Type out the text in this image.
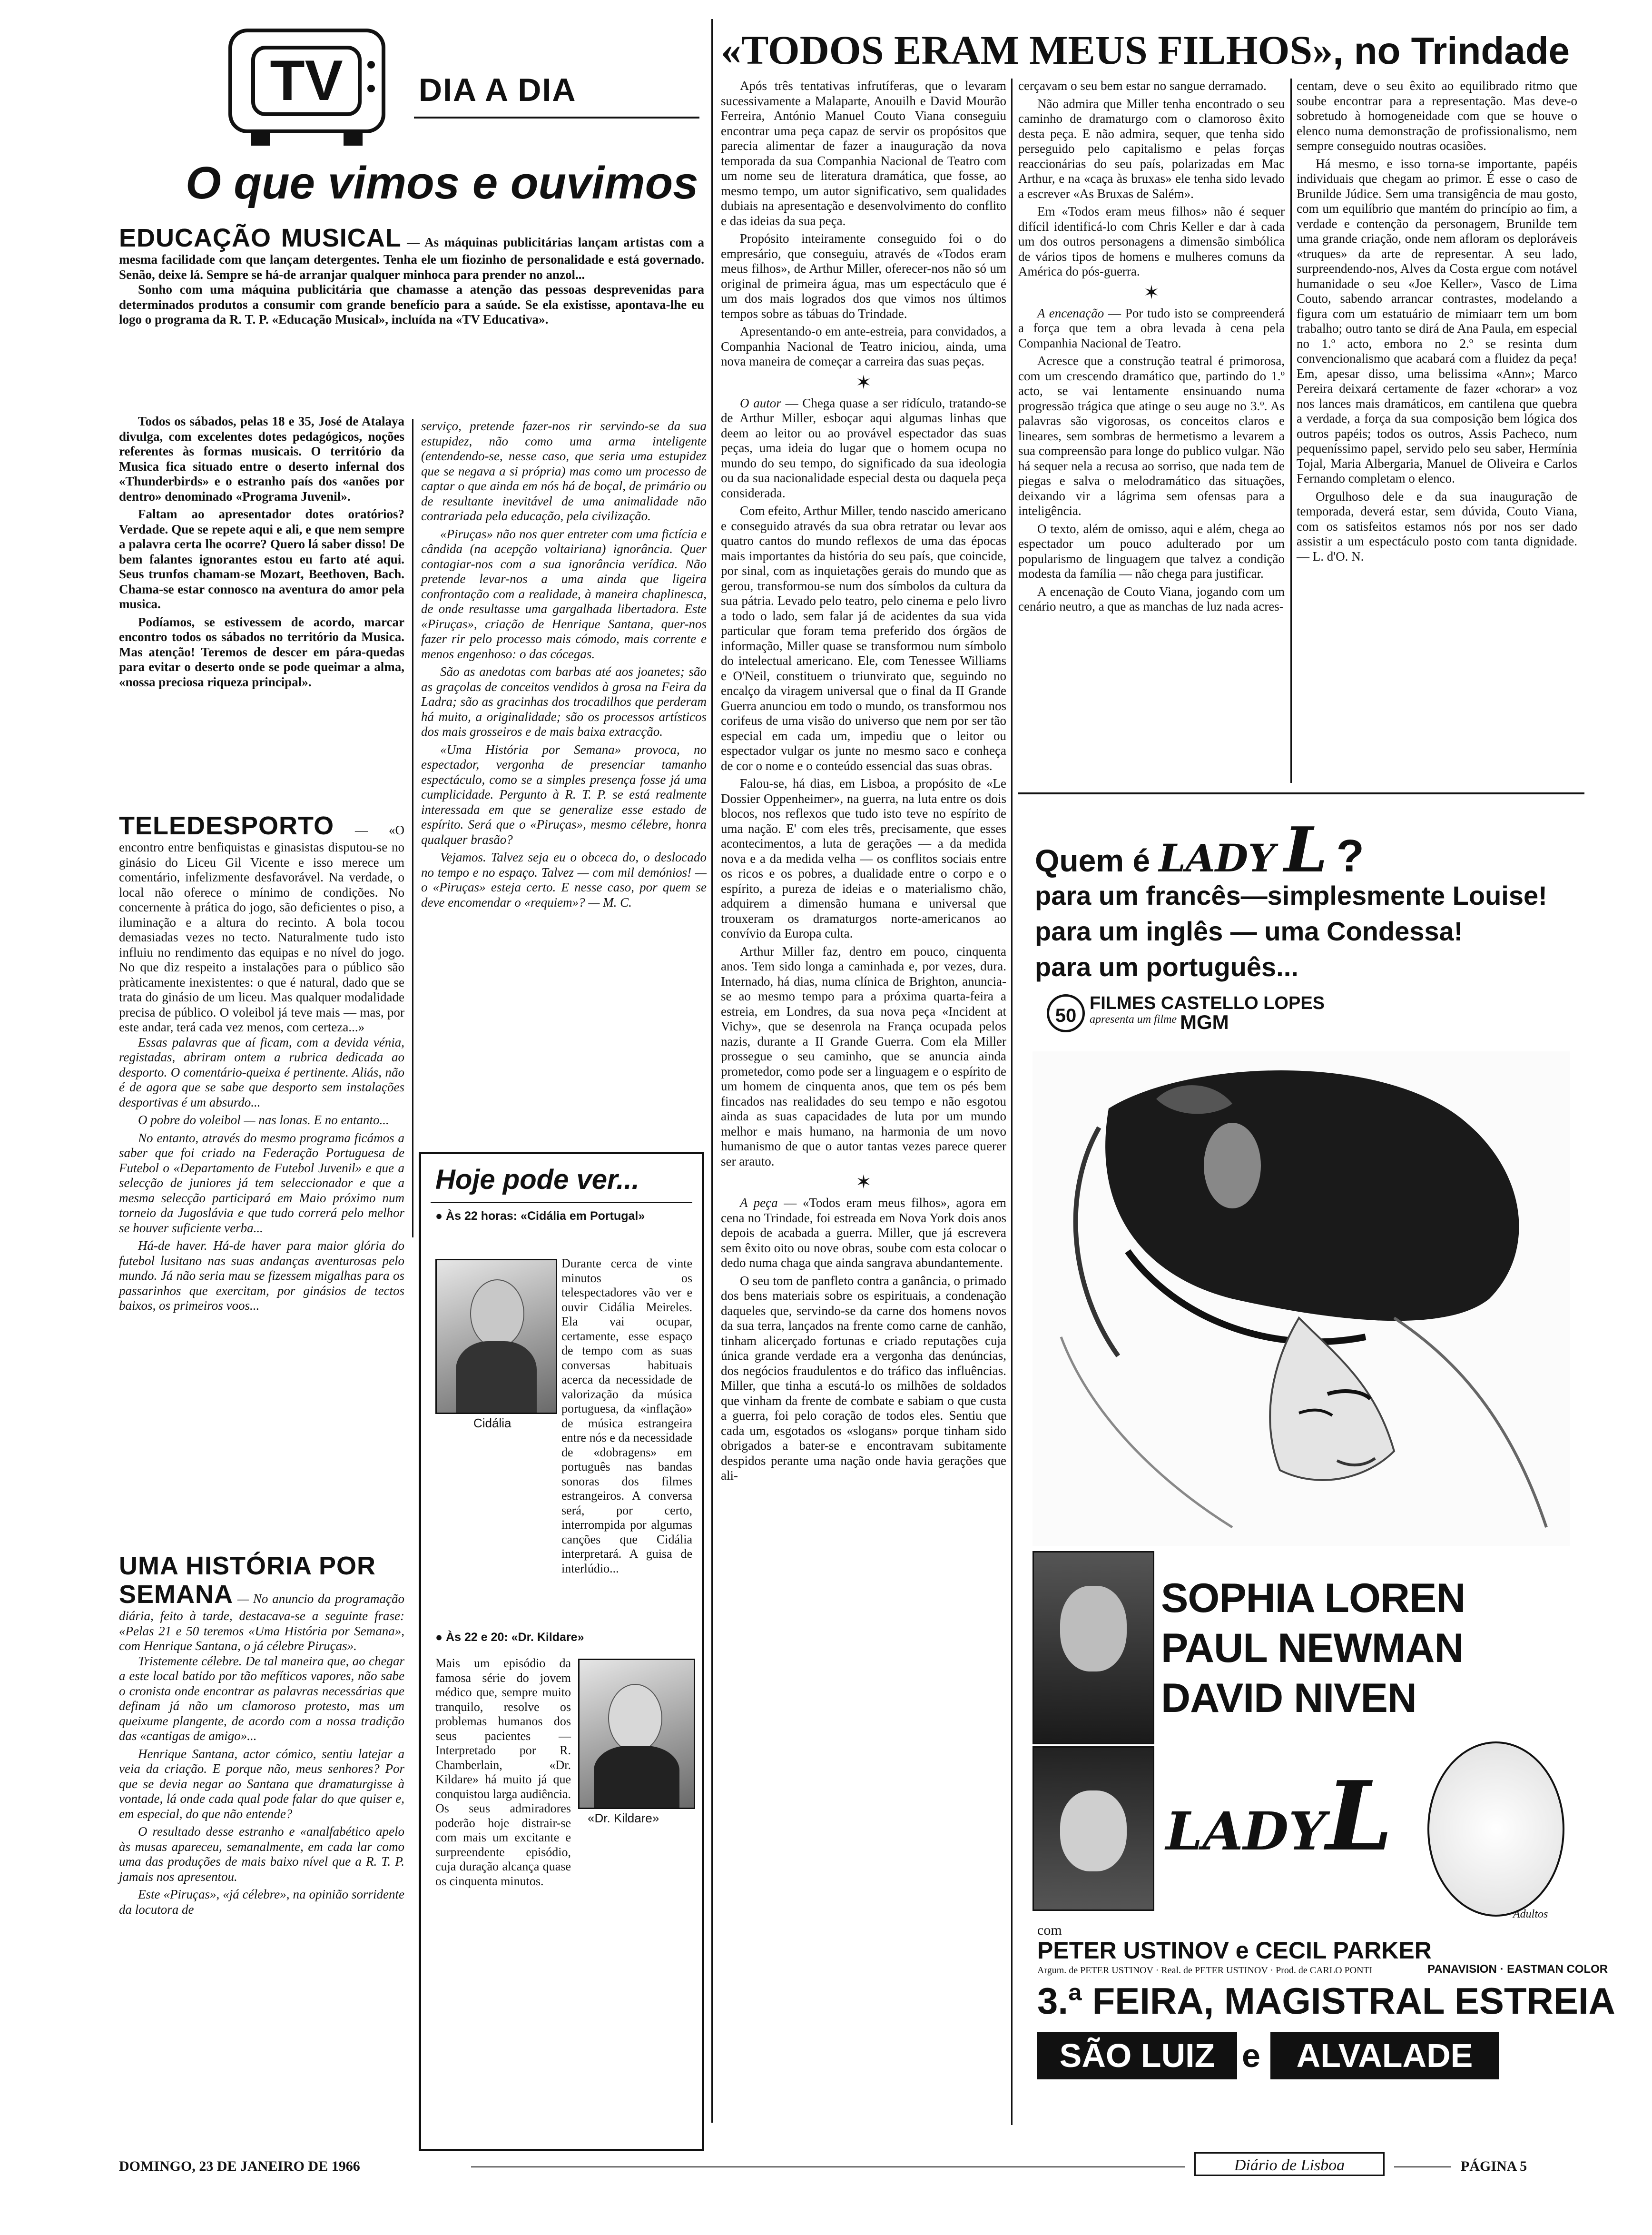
TV	DIA A DIA
O que vimos e ouvimos
EDUCAÇÃO MUSICAL — As máquinas publicitárias lançam artistas com a mesma facilidade com que lançam detergentes. Tenha ele um fiozinho de personalidade e está governado. Senão, deixe lá. Sempre se há-de arranjar qualquer minhoca para prender no anzol...

Sonho com uma máquina publicitária que chamasse a atenção das pessoas desprevenidas para determinados produtos a consumir com grande benefício para a saúde. Se ela existisse, apontava-lhe eu logo o programa da R. T. P. «Educação Musical», incluída na «TV Educativa».

Todos os sábados, pelas 18 e 35, José de Atalaya divulga, com excelentes dotes pedagógicos, noções referentes às formas musicais. O território da Musica fica situado entre o deserto infernal dos «Thunderbirds» e o estranho país dos «anões por dentro» denominado «Programa Juvenil».

Faltam ao apresentador dotes oratórios? Verdade. Que se repete aqui e ali, e que nem sempre a palavra certa lhe ocorre? Quero lá saber disso! De bem falantes ignorantes estou eu farto até aqui. Seus trunfos chamam-se Mozart, Beethoven, Bach. Chama-se estar connosco na aventura do amor pela musica.

Podíamos, se estivessem de acordo, marcar encontro todos os sábados no território da Musica. Mas atenção! Teremos de descer em pára-quedas para evitar o deserto onde se pode queimar a alma, «nossa preciosa riqueza principal».

serviço, pretende fazer-nos rir servindo-se da sua estupidez, não como uma arma inteligente (entendendo-se, nesse caso, que seria uma estupidez que se negava a si própria) mas como um processo de captar o que ainda em nós há de boçal, de primário ou de resultante inevitável de uma animalidade não contrariada pela educação, pela civilização.

«Piruças» não nos quer entreter com uma fictícia e cândida (na acepção voltairiana) ignorância. Quer contagiar-nos com a sua ignorância verídica. Não pretende levar-nos a uma ainda que ligeira confrontação com a realidade, à maneira chaplinesca, de onde resultasse uma gargalhada libertadora. Este «Piruças», criação de Henrique Santana, quer-nos fazer rir pelo processo mais cómodo, mais corrente e menos engenhoso: o das cócegas.

São as anedotas com barbas até aos joanetes; são as graçolas de conceitos vendidos à grosa na Feira da Ladra; são as gracinhas dos trocadilhos que perderam há muito, a originalidade; são os processos artísticos dos mais grosseiros e de mais baixa extracção.

«Uma História por Semana» provoca, no espectador, vergonha de presenciar tamanho espectáculo, como se a simples presença fosse já uma cumplicidade. Pergunto à R. T. P. se está realmente interessada em que se generalize esse estado de espírito. Será que o «Piruças», mesmo célebre, honra qualquer brasão?

Vejamos. Talvez seja eu o obceca do, o deslocado no tempo e no espaço. Talvez — com mil demónios! — o «Piruças» esteja certo. E nesse caso, por quem se deve encomendar o «requiem»? — M. C.

TELEDESPORTO — «O encontro entre benfiquistas e ginasistas disputou-se no ginásio do Liceu Gil Vicente e isso merece um comentário, infelizmente desfavorável. Na verdade, o local não oferece o mínimo de condições. No concernente à prática do jogo, são deficientes o piso, a iluminação e a altura do recinto. A bola tocou demasiadas vezes no tecto. Naturalmente tudo isto influiu no rendimento das equipas e no nível do jogo. No que diz respeito a instalações para o público são pràticamente inexistentes: o que é natural, dado que se trata do ginásio de um liceu. Mas qualquer modalidade precisa de público. O voleibol já teve mais — mas, por este andar, terá cada vez menos, com certeza...»

Essas palavras que aí ficam, com a devida vénia, registadas, abriram ontem a rubrica dedicada ao desporto. O comentário-queixa é pertinente. Aliás, não é de agora que se sabe que desporto sem instalações desportivas é um absurdo...

O pobre do voleibol — nas lonas. E no entanto...

No entanto, através do mesmo programa ficámos a saber que foi criado na Federação Portuguesa de Futebol o «Departamento de Futebol Juvenil» e que a selecção de juniores já tem seleccionador e que a mesma selecção participará em Maio próximo num torneio da Jugoslávia e que tudo correrá pelo melhor se houver suficiente verba...

Há-de haver. Há-de haver para maior glória do futebol lusitano nas suas andanças aventurosas pelo mundo. Já não seria mau se fizessem migalhas para os passarinhos que exercitam, por ginásios de tectos baixos, os primeiros voos...

UMA HISTÓRIA POR
SEMANA — No anuncio da programação diária, feito à tarde, destacava-se a seguinte frase: «Pelas 21 e 50 teremos «Uma História por Semana», com Henrique Santana, o já célebre Piruças».

Tristemente célebre. De tal maneira que, ao chegar a este local batido por tão mefíticos vapores, não sabe o cronista onde encontrar as palavras necessárias que definam já não um clamoroso protesto, mas um queixume plangente, de acordo com a nossa tradição das «cantigas de amigo»...

Henrique Santana, actor cómico, sentiu latejar a veia da criação. E porque não, meus senhores? Por que se devia negar ao Santana que dramaturgisse à vontade, lá onde cada qual pode falar do que quiser e, em especial, do que não entende?

O resultado desse estranho e «analfabético apelo às musas apareceu, semanalmente, em cada lar como uma das produções de mais baixo nível que a R. T. P. jamais nos apresentou.

Este «Piruças», «já célebre», na opinião sorridente da locutora de

Hoje pode ver...
● Às 22 horas: «Cidália em Portugal»
Cidália
Durante cerca de vinte minutos os telespectadores vão ver e ouvir Cidália Meireles. Ela vai ocupar, certamente, esse espaço de tempo com as suas conversas habituais acerca da necessidade de valorização da música portuguesa, da «inflação» de música estrangeira entre nós e da necessidade de «dobragens» em português nas bandas sonoras dos filmes estrangeiros. A conversa será, por certo, interrompida por algumas canções que Cidália interpretará. A guisa de interlúdio...
● Às 22 e 20: «Dr. Kildare»
«Dr. Kildare»
Mais um episódio da famosa série do jovem médico que, sempre muito tranquilo, resolve os problemas humanos dos seus pacientes — Interpretado por R. Chamberlain, «Dr. Kildare» há muito já que conquistou larga audiência. Os seus admiradores poderão hoje distrair-se com mais um excitante e surpreendente episódio, cuja duração alcança quase os cinquenta minutos.
«TODOS ERAM MEUS FILHOS», no Trindade

Após três tentativas infrutíferas, que o levaram sucessivamente a Malaparte, Anouilh e David Mourão Ferreira, António Manuel Couto Viana conseguiu encontrar uma peça capaz de servir os propósitos que parecia alimentar de fazer a inauguração da nova temporada da sua Companhia Nacional de Teatro com um nome seu de literatura dramática, que fosse, ao mesmo tempo, um autor significativo, sem qualidades dubiais na apresentação e desenvolvimento do conflito e das ideias da sua peça.

Propósito inteiramente conseguido foi o do empresário, que conseguiu, através de «Todos eram meus filhos», de Arthur Miller, oferecer-nos não só um original de primeira água, mas um espectáculo que é um dos mais logrados dos que vimos nos últimos tempos sobre as tábuas do Trindade.

Apresentando-o em ante-estreia, para convidados, a Companhia Nacional de Teatro iniciou, ainda, uma nova maneira de começar a carreira das suas peças.

✶

O autor — Chega quase a ser ridículo, tratando-se de Arthur Miller, esboçar aqui algumas linhas que deem ao leitor ou ao provável espectador das suas peças, uma ideia do lugar que o homem ocupa no mundo do seu tempo, do significado da sua ideologia ou da sua nacionalidade especial desta ou daquela peça considerada.

Com efeito, Arthur Miller, tendo nascido americano e conseguido através da sua obra retratar ou levar aos quatro cantos do mundo reflexos de uma das épocas mais importantes da história do seu país, que coincide, por sinal, com as inquietações gerais do mundo que as gerou, transformou-se num dos símbolos da cultura da sua pátria. Levado pelo teatro, pelo cinema e pelo livro a todo o lado, sem falar já de acidentes da sua vida particular que foram tema preferido dos órgãos de informação, Miller quase se transformou num símbolo do intelectual americano. Ele, com Tenessee Williams e O'Neil, constituem o triunvirato que, seguindo no encalço da viragem universal que o final da II Grande Guerra anunciou em todo o mundo, os transformou nos corifeus de uma visão do universo que nem por ser tão especial em cada um, impediu que o leitor ou espectador vulgar os junte no mesmo saco e conheça de cor o nome e o conteúdo essencial das suas obras.

Falou-se, há dias, em Lisboa, a propósito de «Le Dossier Oppenheimer», na guerra, na luta entre os dois blocos, nos reflexos que tudo isto teve no espírito de uma nação. E' com eles três, precisamente, que esses acontecimentos, a luta de gerações — a da medida nova e a da medida velha — os conflitos sociais entre os ricos e os pobres, a dualidade entre o corpo e o espírito, a pureza de ideias e o materialismo chão, adquirem a dimensão humana e universal que trouxeram os dramaturgos norte-americanos ao convívio da Europa culta.

Arthur Miller faz, dentro em pouco, cinquenta anos. Tem sido longa a caminhada e, por vezes, dura. Internado, há dias, numa clínica de Brighton, anuncia-se ao mesmo tempo para a próxima quarta-feira a estreia, em Londres, da sua nova peça «Incident at Vichy», que se desenrola na França ocupada pelos nazis, durante a II Grande Guerra. Com ela Miller prossegue o seu caminho, que se anuncia ainda prometedor, como pode ser a linguagem e o espírito de um homem de cinquenta anos, que tem os pés bem fincados nas realidades do seu tempo e não esgotou ainda as suas capacidades de luta por um mundo melhor e mais humano, na harmonia de um novo humanismo de que o autor tantas vezes parece querer ser arauto.

✶

A peça — «Todos eram meus filhos», agora em cena no Trindade, foi estreada em Nova York dois anos depois de acabada a guerra. Miller, que já escrevera sem êxito oito ou nove obras, soube com esta colocar o dedo numa chaga que ainda sangrava abundantemente.

O seu tom de panfleto contra a ganância, o primado dos bens materiais sobre os espirituais, a condenação daqueles que, servindo-se da carne dos homens novos da sua terra, lançados na frente como carne de canhão, tinham alicerçado fortunas e criado reputações cuja única grande verdade era a vergonha das denúncias, dos negócios fraudulentos e do tráfico das influências. Miller, que tinha a escutá-lo os milhões de soldados que vinham da frente de combate e sabiam o que custa a guerra, foi pelo coração de todos eles. Sentiu que cada um, esgotados os «slogans» porque tinham sido obrigados a bater-se e encontravam subitamente despidos perante uma nação onde havia gerações que ali-

cerçavam o seu bem estar no sangue derramado.

Não admira que Miller tenha encontrado o seu caminho de dramaturgo com o clamoroso êxito desta peça. E não admira, sequer, que tenha sido perseguido pelo capitalismo e pelas forças reaccionárias do seu país, polarizadas em Mac Arthur, e na «caça às bruxas» ele tenha sido levado a escrever «As Bruxas de Salém».

Em «Todos eram meus filhos» não é sequer difícil identificá-lo com Chris Keller e dar à cada um dos outros personagens a dimensão simbólica de vários tipos de homens e mulheres comuns da América do pós-guerra.

✶

A encenação — Por tudo isto se compreenderá a força que tem a obra levada à cena pela Companhia Nacional de Teatro.

Acresce que a construção teatral é primorosa, com um crescendo dramático que, partindo do 1.º acto, se vai lentamente ensinuando numa progressão trágica que atinge o seu auge no 3.º. As palavras são vigorosas, os conceitos claros e lineares, sem sombras de hermetismo a levarem a sua compreensão para longe do publico vulgar. Não há sequer nela a recusa ao sorriso, que nada tem de piegas e salva o melodramático das situações, deixando vir a lágrima sem ofensas para a inteligência.

O texto, além de omisso, aqui e além, chega ao espectador um pouco adulterado por um popularismo de linguagem que talvez a condição modesta da família — não chega para justificar.

A encenação de Couto Viana, jogando com um cenário neutro, a que as manchas de luz nada acres-

centam, deve o seu êxito ao equilibrado ritmo que soube encontrar para a representação. Mas deve-o sobretudo à homogeneidade com que se houve o elenco numa demonstração de profissionalismo, nem sempre conseguido noutras ocasiões.

Há mesmo, e isso torna-se importante, papéis individuais que chegam ao primor. É esse o caso de Brunilde Júdice. Sem uma transigência de mau gosto, com um equilíbrio que mantém do princípio ao fim, a verdade e contenção da personagem, Brunilde tem uma grande criação, onde nem afloram os deploráveis «truques» da arte de representar. A seu lado, surpreendendo-nos, Alves da Costa ergue com notável humanidade o seu «Joe Keller», Vasco de Lima Couto, sabendo arrancar contrastes, modelando a figura com um estatuário de mimiaarr tem um bom trabalho; outro tanto se dirá de Ana Paula, em especial no 1.º acto, embora no 2.º se resinta dum convencionalismo que acabará com a fluidez da peça! Em, apesar disso, uma belissima «Ann»; Marco Pereira deixará certamente de fazer «chorar» a voz nos lances mais dramáticos, em cantilena que quebra a verdade, a força da sua composição bem lógica dos outros papéis; todos os outros, Assis Pacheco, num pequeníssimo papel, servido pelo seu saber, Hermínia Tojal, Maria Albergaria, Manuel de Oliveira e Carlos Fernando completam o elenco.

Orgulhoso dele e da sua inauguração de temporada, deverá estar, sem dúvida, Couto Viana, com os satisfeitos estamos nós por nos ser dado assistir a um espectáculo posto com tanta dignidade. — L. d'O. N.

Quem é LADY L ?
para um francês—simplesmente Louise!
para um inglês — uma Condessa!
para um português...
50
FILMES CASTELLO LOPES
apresenta um filme MGM
SOPHIA LOREN
PAUL NEWMAN
DAVID NIVEN
LADYL
Adultos
com
PETER USTINOV e CECIL PARKER
Argum. de PETER USTINOV · Real. de PETER USTINOV · Prod. de CARLO PONTI	PANAVISION · EASTMAN COLOR
3.ª FEIRA, MAGISTRAL ESTREIA
SÃO LUIZ e	ALVALADE
DOMINGO, 23 DE JANEIRO DE 1966	Diário de Lisboa	PÁGINA 5
